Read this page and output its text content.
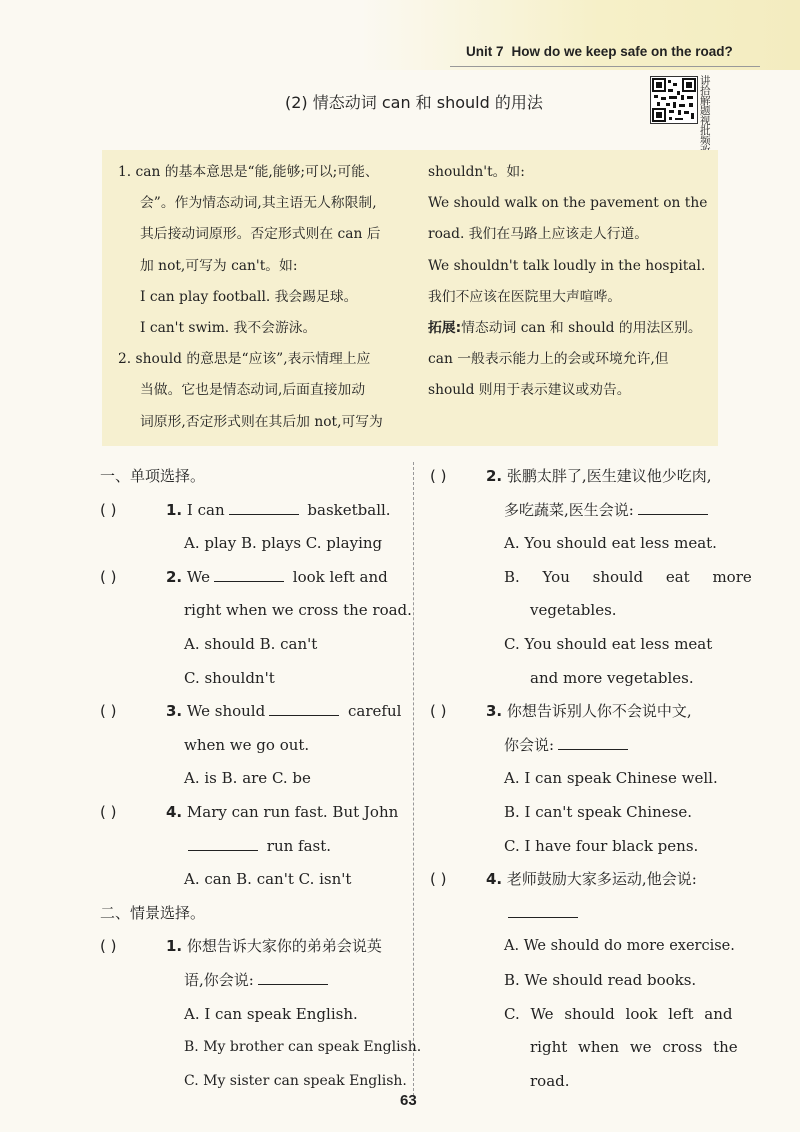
Unit 7 How do we keep safe on the road?
(2) 情态动词 can 和 should 的用法
讲拾解题视批频

1. can 的基本意思是“能,能够;可以;可能、

会”。作为情态动词,其主语无人称限制,

其后接动词原形。否定形式则在 can 后

加 not,可写为 can't。如:

I can play football. 我会踢足球。

I can't swim. 我不会游泳。

2. should 的意思是“应该”,表示情理上应

当做。它也是情态动词,后面直接加动

词原形,否定形式则在其后加 not,可写为

shouldn't。如:

We should walk on the pavement on the

road. 我们在马路上应该走人行道。

We shouldn't talk loudly in the hospital.

我们不应该在医院里大声喧哗。

拓展:情态动词 can 和 should 的用法区别。

can 一般表示能力上的会或环境允许,但

should 则用于表示建议或劝告。

一、单项选择。

( )	1. I can	basketball.

A. play B. plays C. playing

( )	2. We	look left and

right when we cross the road.

A. should B. can't

C. shouldn't

( )	3. We should	careful

when we go out.

A. is B. are C. be

( )	4. Mary can run fast. But John

run fast.

A. can B. can't C. isn't

二、情景选择。

( )	1. 你想告诉大家你的弟弟会说英

语,你会说:

A. I can speak English.

B. My brother can speak English.

C. My sister can speak English.

( )	2. 张鹏太胖了,医生建议他少吃肉,

多吃蔬菜,医生会说:

A. You should eat less meat.

B. You should eat more

vegetables.

C. You should eat less meat

and more vegetables.

( )	3. 你想告诉别人你不会说中文,

你会说:

A. I can speak Chinese well.

B. I can't speak Chinese.

C. I have four black pens.

( )	4. 老师鼓励大家多运动,他会说:

A. We should do more exercise.

B. We should read books.

C. We should look left and

right when we cross the

road.

63
